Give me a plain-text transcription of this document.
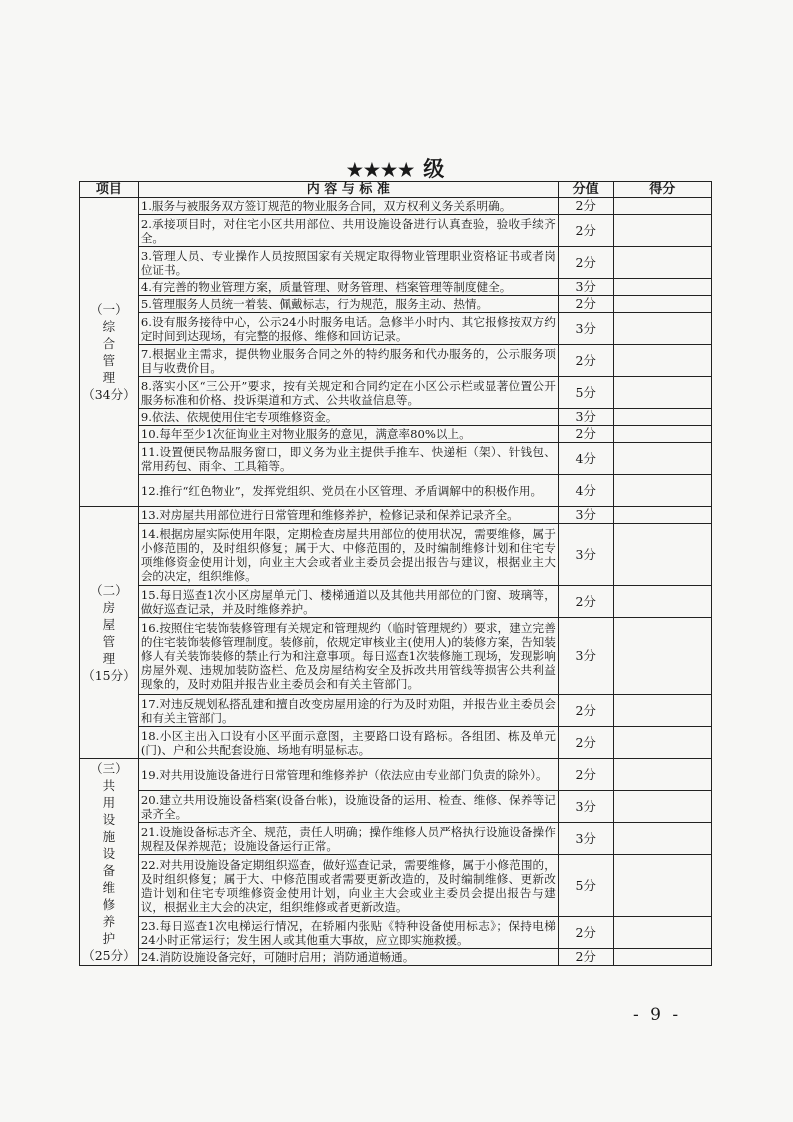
★★★★ 级
项目	内 容 与 标 准	分值	得分

（一）
综合管理
（34分）	1.服务与被服务双方签订规范的物业服务合同，双方权利义务关系明确。	2分	
	2.承接项目时，对住宅小区共用部位、共用设施设备进行认真查验，验收手续齐全。	2分	
	3.管理人员、专业操作人员按照国家有关规定取得物业管理职业资格证书或者岗位证书。	2分	
	4.有完善的物业管理方案，质量管理、财务管理、档案管理等制度健全。	3分	
	5.管理服务人员统一着装、佩戴标志，行为规范，服务主动、热情。	2分	
	6.设有服务接待中心，公示24小时服务电话。急修半小时内、其它报修按双方约定时间到达现场，有完整的报修、维修和回访记录。	3分	
	7.根据业主需求，提供物业服务合同之外的特约服务和代办服务的，公示服务项目与收费价目。	2分	
	8.落实小区“三公开”要求，按有关规定和合同约定在小区公示栏或显著位置公开服务标准和价格、投诉渠道和方式、公共收益信息等。	5分	
	9.依法、依规使用住宅专项维修资金。	3分	
	10.每年至少1次征询业主对物业服务的意见，满意率80%以上。	2分	
	11.设置便民物品服务窗口，即义务为业主提供手推车、快递柜（架）、针钱包、常用药包、雨伞、工具箱等。	4分	
	12.推行“红色物业”，发挥党组织、党员在小区管理、矛盾调解中的积极作用。	4分	

（二）
房屋管理
（15分）	13.对房屋共用部位进行日常管理和维修养护，检修记录和保养记录齐全。	3分	
	14.根据房屋实际使用年限，定期检查房屋共用部位的使用状况，需要维修，属于小修范围的，及时组织修复；属于大、中修范围的，及时编制维修计划和住宅专项维修资金使用计划，向业主大会或者业主委员会提出报告与建议，根据业主大会的决定，组织维修。	3分	
	15.每日巡查1次小区房屋单元门、楼梯通道以及其他共用部位的门窗、玻璃等，做好巡查记录，并及时维修养护。	2分	
	16.按照住宅装饰装修管理有关规定和管理规约（临时管理规约）要求，建立完善的住宅装饰装修管理制度。装修前，依规定审核业主(使用人)的装修方案，告知装修人有关装饰装修的禁止行为和注意事项。每日巡查1次装修施工现场，发现影响房屋外观、违规加装防盗栏、危及房屋结构安全及拆改共用管线等损害公共利益现象的，及时劝阻并报告业主委员会和有关主管部门。	3分	
	17.对违反规划私搭乱建和擅自改变房屋用途的行为及时劝阻，并报告业主委员会和有关主管部门。	2分	
	18.小区主出入口设有小区平面示意图，主要路口设有路标。各组团、栋及单元(门)、户和公共配套设施、场地有明显标志。	2分	

（三）
共用设施设备维修养护
（25分）	19.对共用设施设备进行日常管理和维修养护（依法应由专业部门负责的除外）。	2分	
	20.建立共用设施设备档案(设备台帐)，设施设备的运用、检查、维修、保养等记录齐全。	3分	
	21.设施设备标志齐全、规范，责任人明确；操作维修人员严格执行设施设备操作规程及保养规范；设施设备运行正常。	3分	
	22.对共用设施设备定期组织巡查，做好巡查记录，需要维修，属于小修范围的，及时组织修复；属于大、中修范围或者需要更新改造的，及时编制维修、更新改造计划和住宅专项维修资金使用计划，向业主大会或业主委员会提出报告与建议，根据业主大会的决定，组织维修或者更新改造。	5分	
	23.每日巡查1次电梯运行情况，在轿厢内张贴《特种设备使用标志》；保持电梯24小时正常运行；发生困人或其他重大事故，应立即实施救援。	2分	
	24.消防设施设备完好，可随时启用；消防通道畅通。	2分	
- 9 -
